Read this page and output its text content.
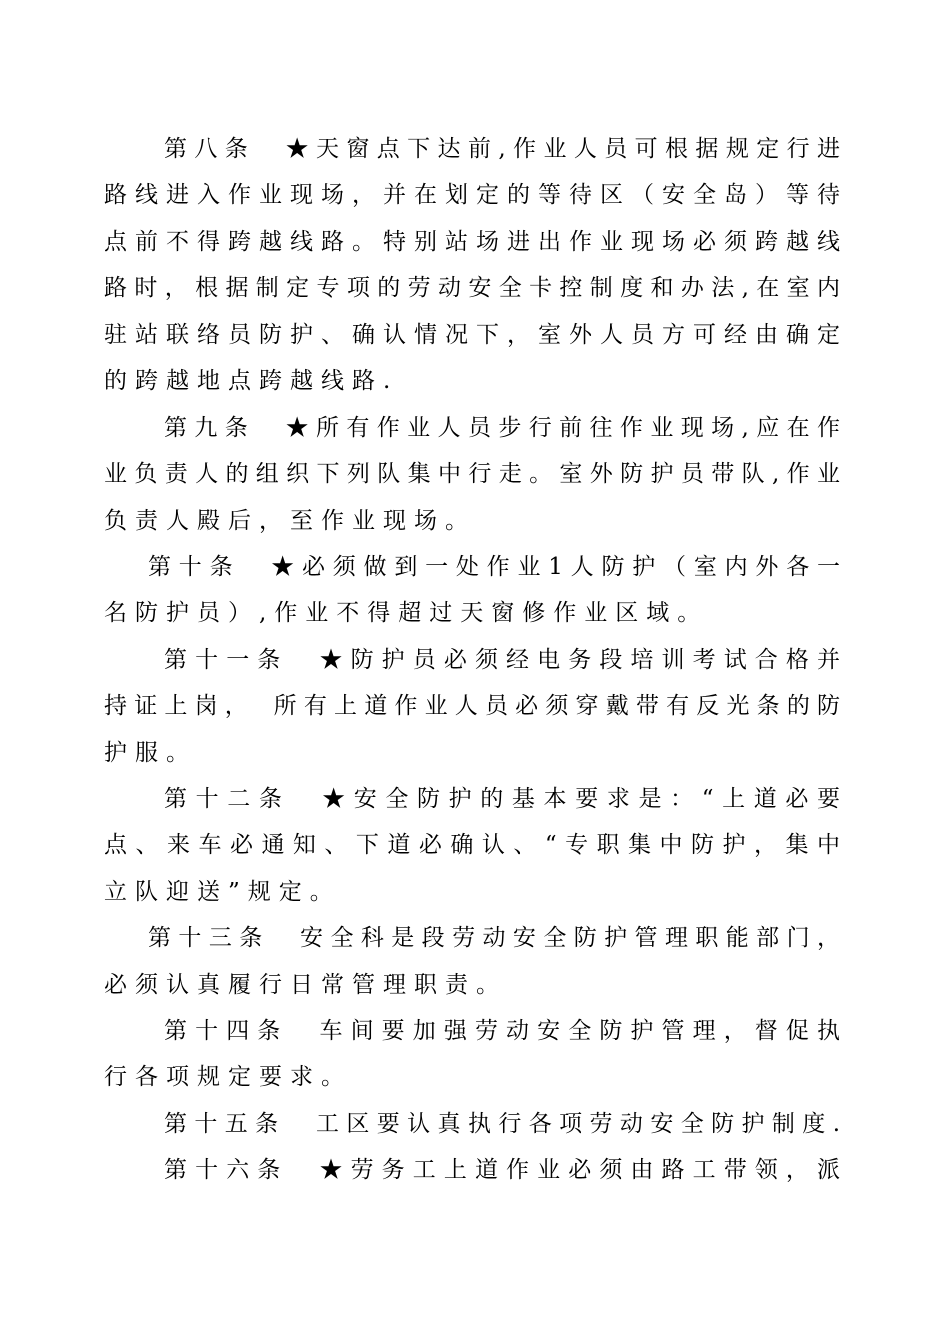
第八条　★天窗点下达前,作业人员可根据规定行进
路线进入作业现场，并在划定的等待区（安全岛）等待
点前不得跨越线路。特别站场进出作业现场必须跨越线
路时，根据制定专项的劳动安全卡控制度和办法,在室内
驻站联络员防护、确认情况下，室外人员方可经由确定
的跨越地点跨越线路.
第九条　★所有作业人员步行前往作业现场,应在作
业负责人的组织下列队集中行走。室外防护员带队,作业
负责人殿后，至作业现场。
第十条　★必须做到一处作业1人防护（室内外各一
名防护员）,作业不得超过天窗修作业区域。
第十一条　★防护员必须经电务段培训考试合格并
持证上岗，　所有上道作业人员必须穿戴带有反光条的防
护服。
第十二条　★安全防护的基本要求是：“上道必要
点、来车必通知、下道必确认、“专职集中防护，集中
立队迎送”规定。
第十三条　安全科是段劳动安全防护管理职能部门，
必须认真履行日常管理职责。
第十四条　车间要加强劳动安全防护管理，督促执
行各项规定要求。
第十五条　工区要认真执行各项劳动安全防护制度.
第十六条　★劳务工上道作业必须由路工带领，派
